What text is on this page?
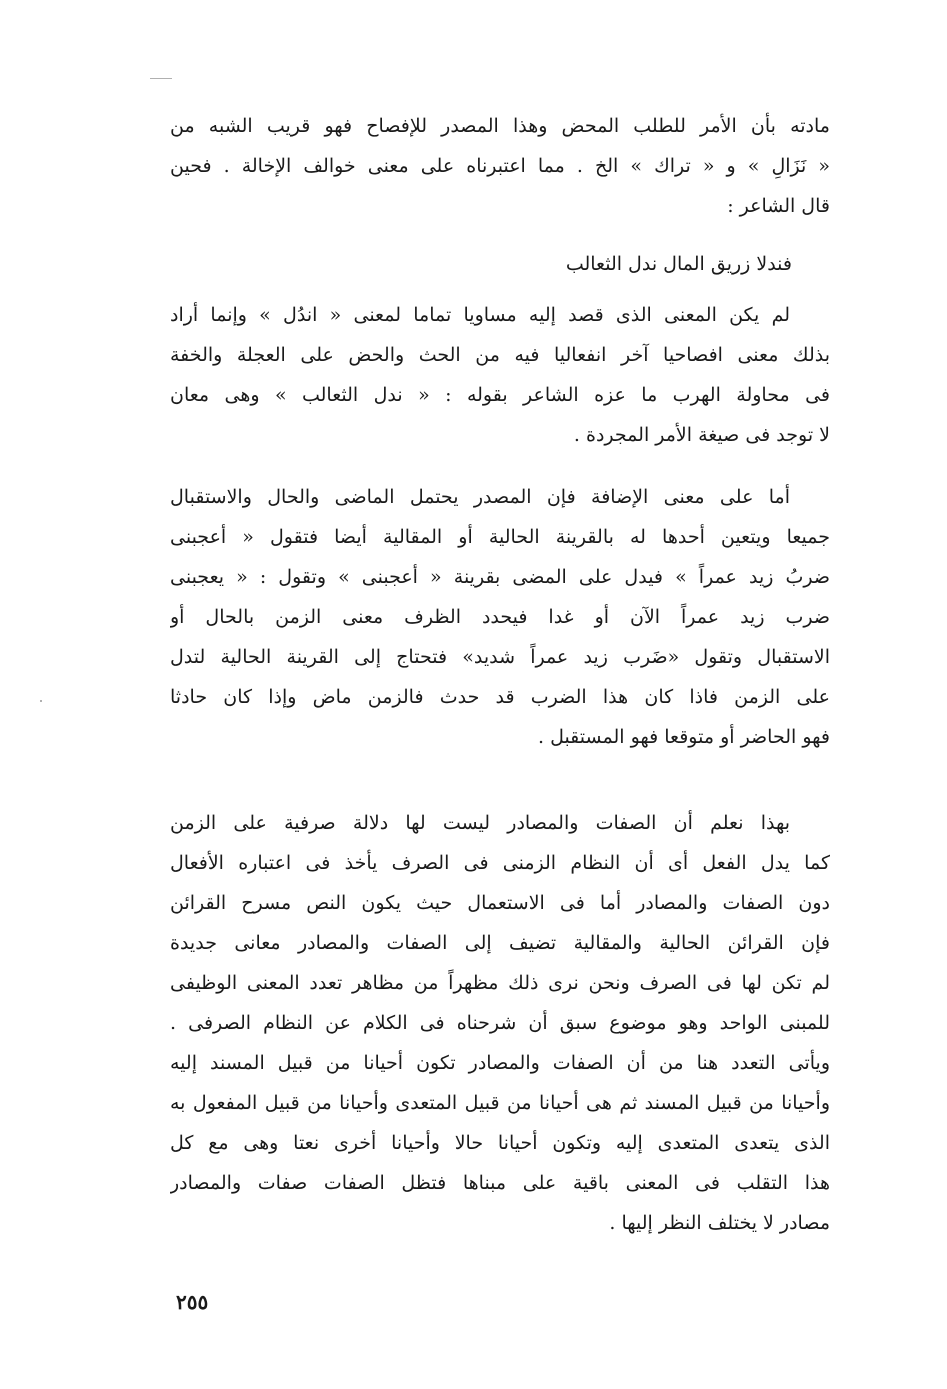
مادته بأن الأمر للطلب المحض وهذا المصدر للإفصاح فهو قريب الشبه من
« نَزَالِ » و « تراك » الخ . مما اعتبرناه على معنى خوالف الإخالة . فحين
قال الشاعر :
فندلا زريق المال ندل الثعالب
لم يكن المعنى الذى قصد إليه مساويا تماما لمعنى « اندُل » وإنما أراد
بذلك معنى افصاحيا آخر انفعاليا فيه من الحث والحض على العجلة والخفة
فى محاولة الهرب ما عزه الشاعر بقوله : « ندل الثعالب » وهى معان
لا توجد فى صيغة الأمر المجردة .
أما على معنى الإضافة فإن المصدر يحتمل الماضى والحال والاستقبال
جميعا ويتعين أحدها له بالقرينة الحالية أو المقالية أيضا فتقول « أعجبنى
ضربُ زيد عمراً » فيدل على المضى بقرينة « أعجبنى » وتقول : « يعجبنى
ضرب زيد عمراً الآن أو غدا فيحدد الظرف معنى الزمن بالحال أو
الاستقبال وتقول «ضَرب زيد عمراً شديد» فتحتاج إلى القرينة الحالية لتدل
على الزمن فاذا كان هذا الضرب قد حدث فالزمن ماض وإذا كان حادثا
فهو الحاضر أو متوقعا فهو المستقبل .
بهذا نعلم أن الصفات والمصادر ليست لها دلالة صرفية على الزمن
كما يدل الفعل أى أن النظام الزمنى فى الصرف يأخذ فى اعتباره الأفعال
دون الصفات والمصادر أما فى الاستعمال حيث يكون النص مسرح القرائن
فإن القرائن الحالية والمقالية تضيف إلى الصفات والمصادر معانى جديدة
لم تكن لها فى الصرف ونحن نرى ذلك مظهراً من مظاهر تعدد المعنى الوظيفى
للمبنى الواحد وهو موضوع سبق أن شرحناه فى الكلام عن النظام الصرفى .
ويأتى التعدد هنا من أن الصفات والمصادر تكون أحيانا من قبيل المسند إليه
وأحيانا من قبيل المسند ثم هى أحيانا من قبيل المتعدى وأحيانا من قبيل المفعول به
الذى يتعدى المتعدى إليه وتكون أحيانا حالا وأحيانا أخرى نعتا وهى مع كل
هذا التقلب فى المعنى باقية على مبناها فتظل الصفات صفات والمصادر
مصادر لا يختلف النظر إليها .
٢٥٥
